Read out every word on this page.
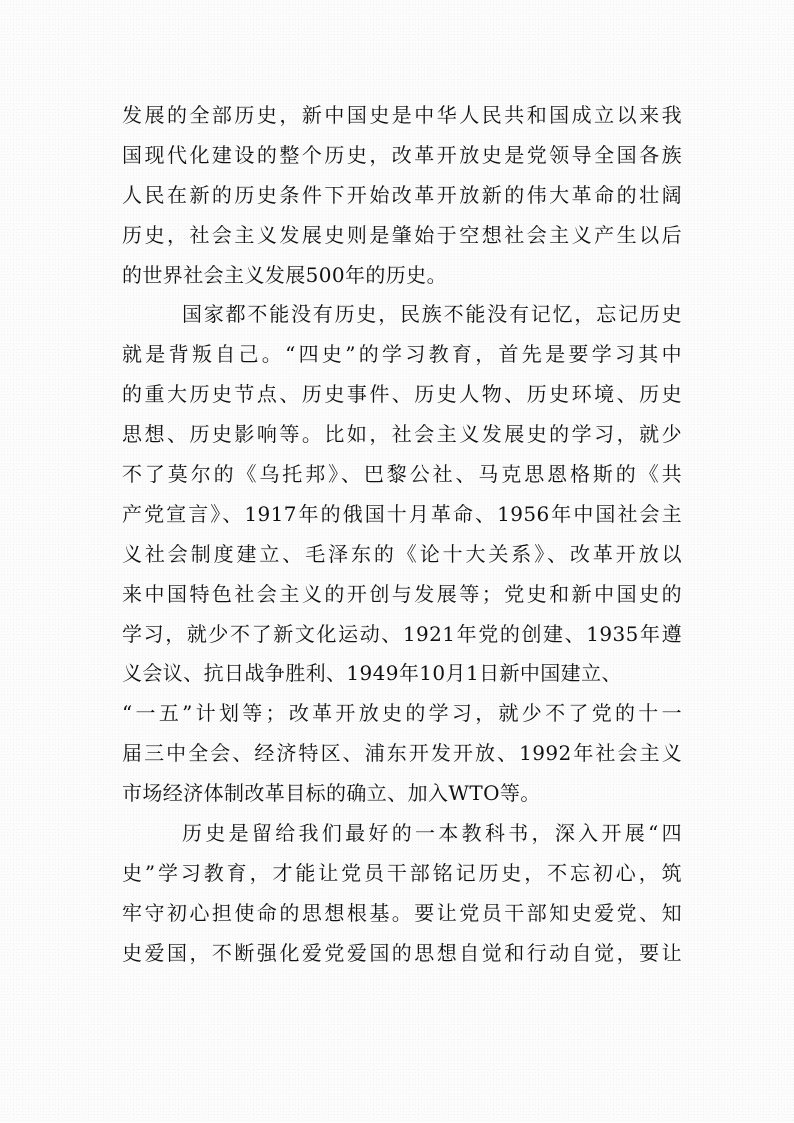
发展的全部历史，新中国史是中华人民共和国成立以来我
国现代化建设的整个历史，改革开放史是党领导全国各族
人民在新的历史条件下开始改革开放新的伟大革命的壮阔
历史，社会主义发展史则是肇始于空想社会主义产生以后
的世界社会主义发展500年的历史。
国家都不能没有历史，民族不能没有记忆，忘记历史
就是背叛自己。“四史”的学习教育，首先是要学习其中
的重大历史节点、历史事件、历史人物、历史环境、历史
思想、历史影响等。比如，社会主义发展史的学习，就少
不了莫尔的《乌托邦》、巴黎公社、马克思恩格斯的《共
产党宣言》、1917年的俄国十月革命、1956年中国社会主
义社会制度建立、毛泽东的《论十大关系》、改革开放以
来中国特色社会主义的开创与发展等；党史和新中国史的
学习，就少不了新文化运动、1921年党的创建、1935年遵
义会议、抗日战争胜利、1949年10月1日新中国建立、
“一五”计划等；改革开放史的学习，就少不了党的十一
届三中全会、经济特区、浦东开发开放、1992年社会主义
市场经济体制改革目标的确立、加入WTO等。
历史是留给我们最好的一本教科书，深入开展“四
史”学习教育，才能让党员干部铭记历史，不忘初心，筑
牢守初心担使命的思想根基。要让党员干部知史爱党、知
史爱国，不断强化爱党爱国的思想自觉和行动自觉，要让
